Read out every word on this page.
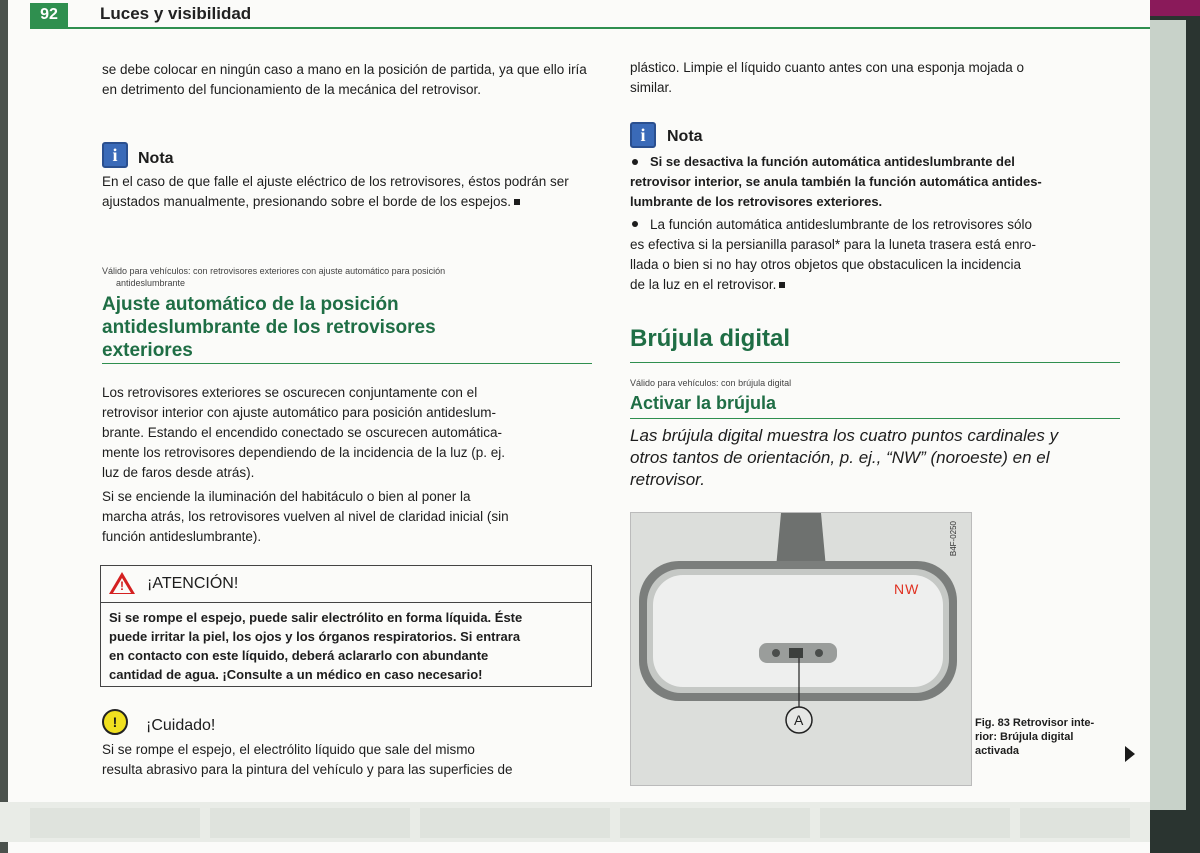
92	Luces y visibilidad

se debe colocar en ningún caso a mano en la posición de partida, ya que ello iría en detrimento del funcionamiento de la mecánica del retrovisor.

i	Nota

En el caso de que falle el ajuste eléctrico de los retrovisores, éstos podrán ser ajustados manualmente, presionando sobre el borde de los espejos.

Válido para vehículos: con retrovisores exteriores con ajuste automático para posición
antideslumbrante
Ajuste automático de la posición
antideslumbrante de los retrovisores
exteriores
Los retrovisores exteriores se oscurecen conjuntamente con el
retrovisor interior con ajuste automático para posición antideslum-
brante. Estando el encendido conectado se oscurecen automática-
mente los retrovisores dependiendo de la incidencia de la luz (p. ej.
luz de faros desde atrás).
Si se enciende la iluminación del habitáculo o bien al poner la
marcha atrás, los retrovisores vuelven al nivel de claridad inicial (sin
función antideslumbrante).
! ¡ATENCIÓN!
Si se rompe el espejo, puede salir electrólito en forma líquida. Éste
puede irritar la piel, los ojos y los órganos respiratorios. Si entrara
en contacto con este líquido, deberá aclararlo con abundante
cantidad de agua. ¡Consulte a un médico en caso necesario!
!	¡Cuidado!
Si se rompe el espejo, el electrólito líquido que sale del mismo
resulta abrasivo para la pintura del vehículo y para las superficies de
plástico. Limpie el líquido cuanto antes con una esponja mojada o
similar.
i	Nota
Si se desactiva la función automática antideslumbrante del
retrovisor interior, se anula también la función automática antides-
lumbrante de los retrovisores exteriores.
La función automática antideslumbrante de los retrovisores sólo
es efectiva si la persianilla parasol* para la luneta trasera está enro-
llada o bien si no hay otros objetos que obstaculicen la incidencia
de la luz en el retrovisor.
Brújula digital
Válido para vehículos: con brújula digital
Activar la brújula
Las brújula digital muestra los cuatro puntos cardinales y
otros tantos de orientación, p. ej., “NW” (noroeste) en el
retrovisor.
A
NW
B4F-0250
Fig. 83 Retrovisor inte-
rior: Brújula digital
activada
